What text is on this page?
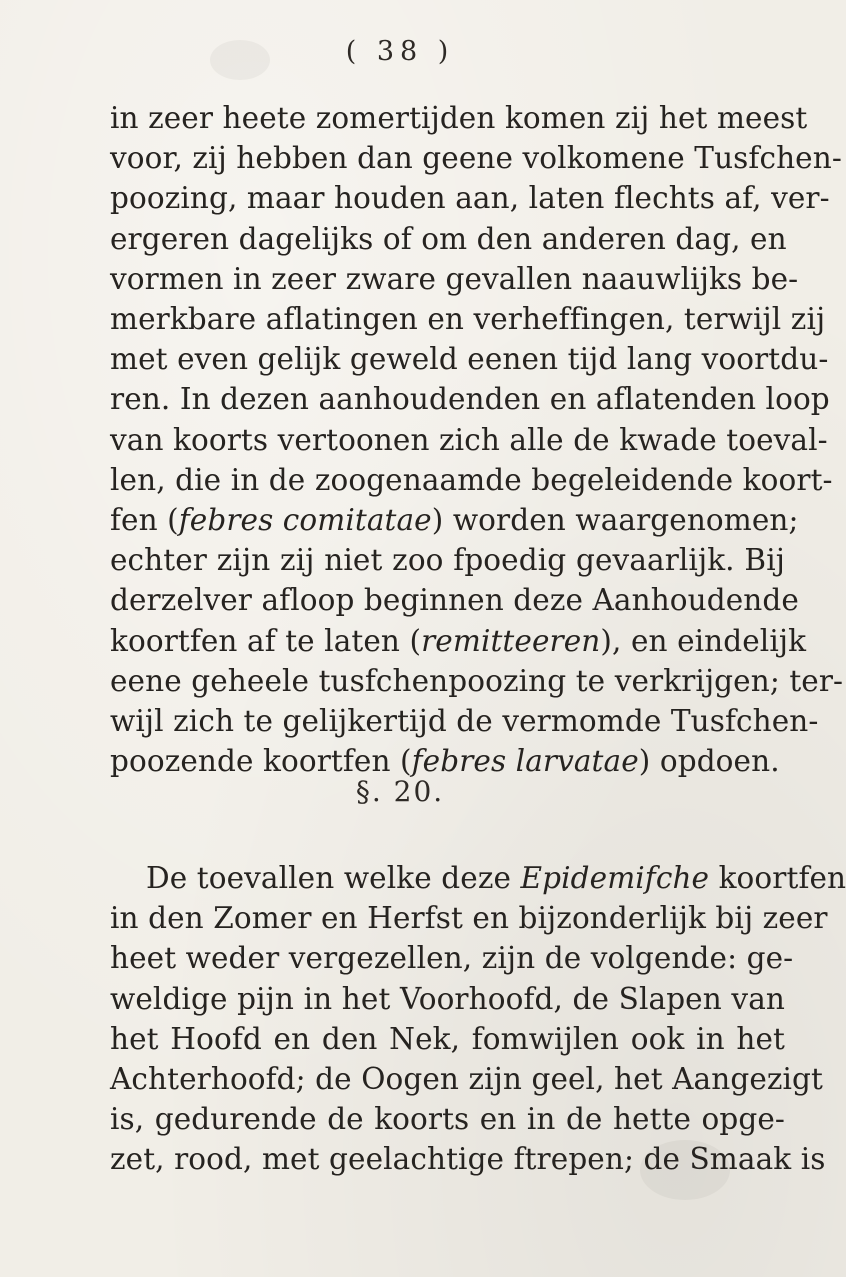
( 38 )
in zeer heete zomertijden komen zij het meest
voor, zij hebben dan geene volkomene Tusfchen-
poozing, maar houden aan, laten flechts af, ver-
ergeren dagelijks of om den anderen dag, en
vormen in zeer zware gevallen naauwlijks be-
merkbare aflatingen en verheffingen, terwijl zij
met even gelijk geweld eenen tijd lang voortdu-
ren. In dezen aanhoudenden en aflatenden loop
van koorts vertoonen zich alle de kwade toeval-
len, die in de zoogenaamde begeleidende koort-
fen (febres comitatae) worden waargenomen;
echter zijn zij niet zoo fpoedig gevaarlijk. Bij
derzelver afloop beginnen deze Aanhoudende
koortfen af te laten (remitteeren), en eindelijk
eene geheele tusfchenpoozing te verkrijgen; ter-
wijl zich te gelijkertijd de vermomde Tusfchen-
poozende koortfen (febres larvatae) opdoen.
§. 20.
De toevallen welke deze Epidemifche koortfen
in den Zomer en Herfst en bijzonderlijk bij zeer
heet weder vergezellen, zijn de volgende: ge-
weldige pijn in het Voorhoofd, de Slapen van
het Hoofd en den Nek, fomwijlen ook in het
Achterhoofd; de Oogen zijn geel, het Aangezigt
is, gedurende de koorts en in de hette opge-
zet, rood, met geelachtige ftrepen; de Smaak is
